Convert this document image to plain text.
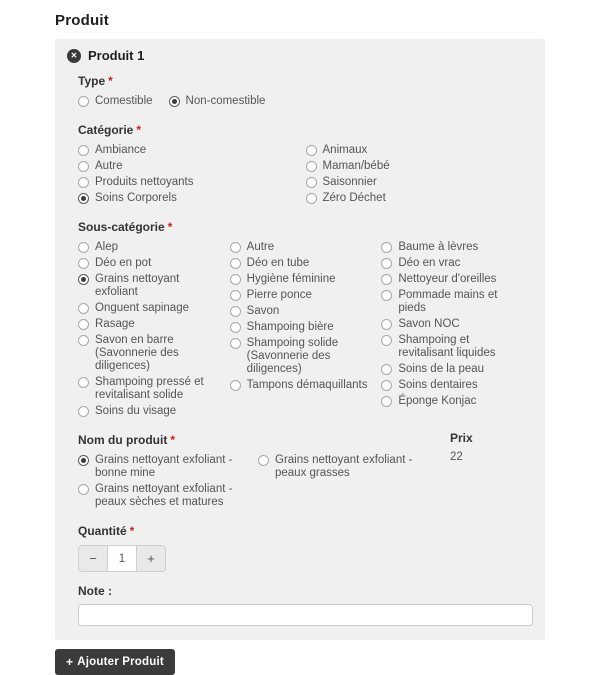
Produit
✕ Produit 1
Type *
Comestible	Non-comestible
Catégorie *
Ambiance
Autre
Produits nettoyants
Soins Corporels
Animaux
Maman/bébé
Saisonnier
Zéro Déchet
Sous-catégorie *
Alep
Déo en pot
Grains nettoyant exfoliant
Onguent sapinage
Rasage
Savon en barre (Savonnerie des diligences)
Shampoing pressé et revitalisant solide
Soins du visage
Autre
Déo en tube
Hygiène féminine
Pierre ponce
Savon
Shampoing bière
Shampoing solide (Savonnerie des diligences)
Tampons démaquillants
Baume à lèvres
Déo en vrac
Nettoyeur d'oreilles
Pommade mains et pieds
Savon NOC
Shampoing et revitalisant liquides
Soins de la peau
Soins dentaires
Éponge Konjac
Nom du produit *
Grains nettoyant exfoliant - bonne mine
Grains nettoyant exfoliant - peaux sèches et matures
Grains nettoyant exfoliant - peaux grasses
Prix
22
Quantité *
−
1	+
Note :
+ Ajouter Produit
